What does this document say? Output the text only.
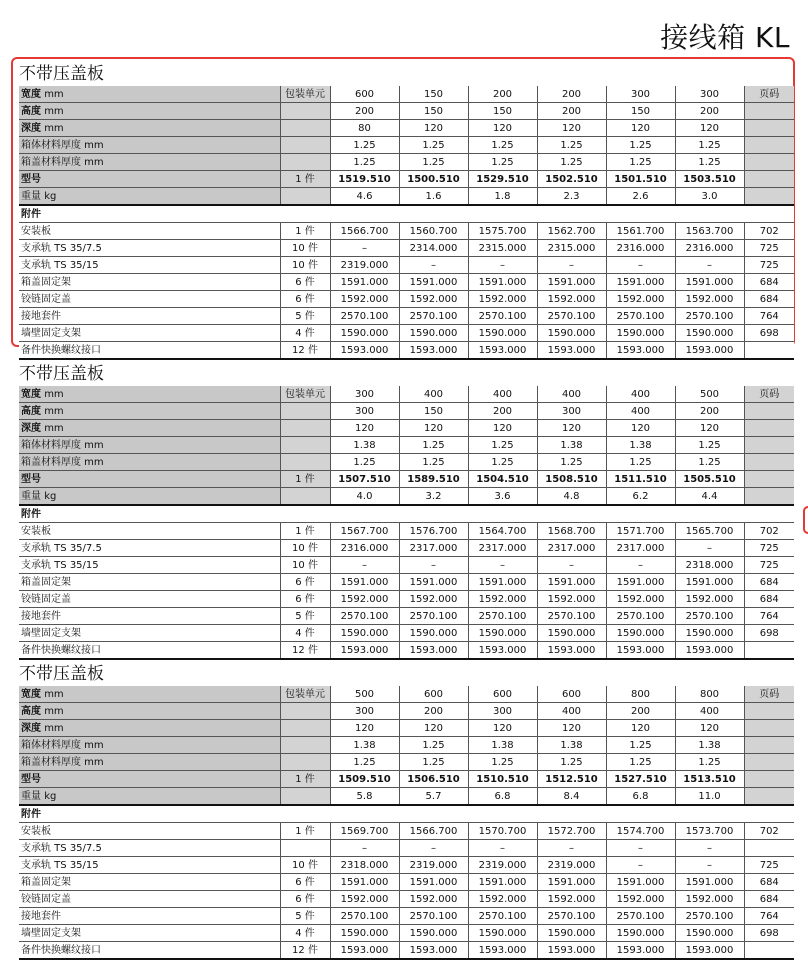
接线箱 KL
不带压盖板
宽度 mm	包装单元	600	150	200	200	300	300	页码
高度 mm		200	150	150	200	150	200	
深度 mm		80	120	120	120	120	120	
箱体材料厚度 mm		1.25	1.25	1.25	1.25	1.25	1.25	
箱盖材料厚度 mm		1.25	1.25	1.25	1.25	1.25	1.25	
型号	1 件	1519.510	1500.510	1529.510	1502.510	1501.510	1503.510	
重量 kg		4.6	1.6	1.8	2.3	2.6	3.0	
附件								
安装板	1 件	1566.700	1560.700	1575.700	1562.700	1561.700	1563.700	702
支承轨 TS 35/7.5	10 件	–	2314.000	2315.000	2315.000	2316.000	2316.000	725
支承轨 TS 35/15	10 件	2319.000	–	–	–	–	–	725
箱盖固定架	6 件	1591.000	1591.000	1591.000	1591.000	1591.000	1591.000	684
铰链固定盖	6 件	1592.000	1592.000	1592.000	1592.000	1592.000	1592.000	684
接地套件	5 件	2570.100	2570.100	2570.100	2570.100	2570.100	2570.100	764
墙壁固定支架	4 件	1590.000	1590.000	1590.000	1590.000	1590.000	1590.000	698
备件快换螺纹接口	12 件	1593.000	1593.000	1593.000	1593.000	1593.000	1593.000	
不带压盖板
宽度 mm	包装单元	300	400	400	400	400	500	页码
高度 mm		300	150	200	300	400	200	
深度 mm		120	120	120	120	120	120	
箱体材料厚度 mm		1.38	1.25	1.25	1.38	1.38	1.25	
箱盖材料厚度 mm		1.25	1.25	1.25	1.25	1.25	1.25	
型号	1 件	1507.510	1589.510	1504.510	1508.510	1511.510	1505.510	
重量 kg		4.0	3.2	3.6	4.8	6.2	4.4	
附件								
安装板	1 件	1567.700	1576.700	1564.700	1568.700	1571.700	1565.700	702
支承轨 TS 35/7.5	10 件	2316.000	2317.000	2317.000	2317.000	2317.000	–	725
支承轨 TS 35/15	10 件	–	–	–	–	–	2318.000	725
箱盖固定架	6 件	1591.000	1591.000	1591.000	1591.000	1591.000	1591.000	684
铰链固定盖	6 件	1592.000	1592.000	1592.000	1592.000	1592.000	1592.000	684
接地套件	5 件	2570.100	2570.100	2570.100	2570.100	2570.100	2570.100	764
墙壁固定支架	4 件	1590.000	1590.000	1590.000	1590.000	1590.000	1590.000	698
备件快换螺纹接口	12 件	1593.000	1593.000	1593.000	1593.000	1593.000	1593.000	
不带压盖板
宽度 mm	包装单元	500	600	600	600	800	800	页码
高度 mm		300	200	300	400	200	400	
深度 mm		120	120	120	120	120	120	
箱体材料厚度 mm		1.38	1.25	1.38	1.38	1.25	1.38	
箱盖材料厚度 mm		1.25	1.25	1.25	1.25	1.25	1.25	
型号	1 件	1509.510	1506.510	1510.510	1512.510	1527.510	1513.510	
重量 kg		5.8	5.7	6.8	8.4	6.8	11.0	
附件								
安装板	1 件	1569.700	1566.700	1570.700	1572.700	1574.700	1573.700	702
支承轨 TS 35/7.5		–	–	–	–	–	–	
支承轨 TS 35/15	10 件	2318.000	2319.000	2319.000	2319.000	–	–	725
箱盖固定架	6 件	1591.000	1591.000	1591.000	1591.000	1591.000	1591.000	684
铰链固定盖	6 件	1592.000	1592.000	1592.000	1592.000	1592.000	1592.000	684
接地套件	5 件	2570.100	2570.100	2570.100	2570.100	2570.100	2570.100	764
墙壁固定支架	4 件	1590.000	1590.000	1590.000	1590.000	1590.000	1590.000	698
备件快换螺纹接口	12 件	1593.000	1593.000	1593.000	1593.000	1593.000	1593.000	
